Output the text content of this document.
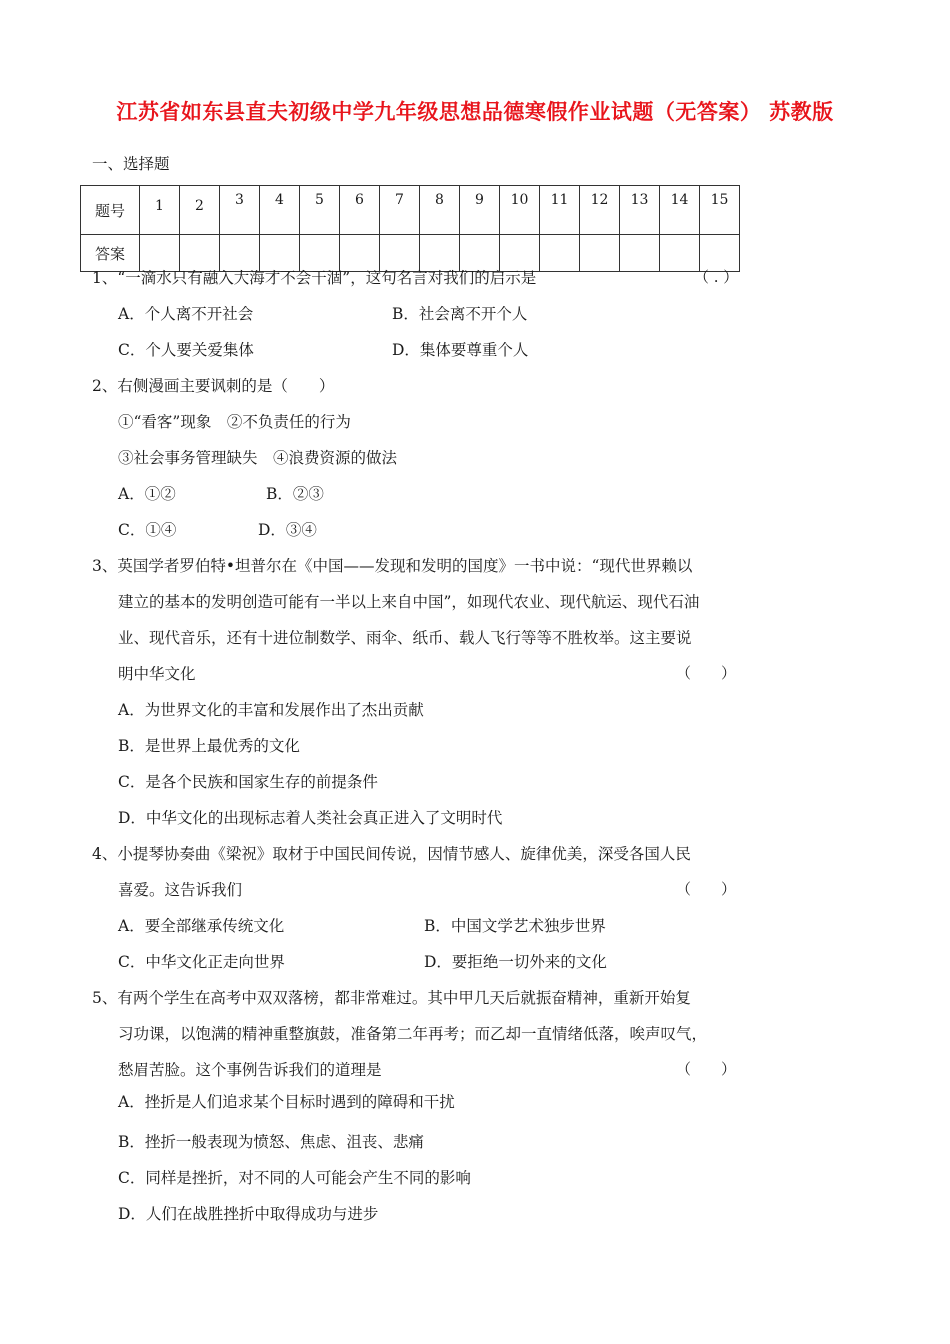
江苏省如东县直夫初级中学九年级思想品德寒假作业试题（无答案） 苏教版
一、选择题
题号	1	2	3	4	5	6	7	8	9	10	11	12	13	14	15
答案															
1、“一滴水只有融入大海才不会干涸”，这句名言对我们的启示是	（ . ）
A．个人离不开社会	B．社会离不开个人
C．个人要关爱集体	D．集体要尊重个人
2、右侧漫画主要讽刺的是（　　）
①“看客”现象　②不负责任的行为
③社会事务管理缺失　④浪费资源的做法
A．①②	B．②③
C．①④	D．③④
3、英国学者罗伯特•坦普尔在《中国——发现和发明的国度》一书中说：“现代世界赖以
建立的基本的发明创造可能有一半以上来自中国”，如现代农业、现代航运、现代石油
业、现代音乐，还有十进位制数学、雨伞、纸币、载人飞行等等不胜枚举。这主要说
明中华文化	（　　）
A．为世界文化的丰富和发展作出了杰出贡献
B．是世界上最优秀的文化
C．是各个民族和国家生存的前提条件
D．中华文化的出现标志着人类社会真正进入了文明时代
4、小提琴协奏曲《梁祝》取材于中国民间传说，因情节感人、旋律优美，深受各国人民
喜爱。这告诉我们	（　　）
A．要全部继承传统文化	B．中国文学艺术独步世界
C．中华文化正走向世界	D．要拒绝一切外来的文化
5、有两个学生在高考中双双落榜，都非常难过。其中甲几天后就振奋精神，重新开始复
习功课，以饱满的精神重整旗鼓，准备第二年再考；而乙却一直情绪低落，唉声叹气，
愁眉苦脸。这个事例告诉我们的道理是	（　　）
A．挫折是人们追求某个目标时遇到的障碍和干扰
B．挫折一般表现为愤怒、焦虑、沮丧、悲痛
C．同样是挫折，对不同的人可能会产生不同的影响
D．人们在战胜挫折中取得成功与进步
